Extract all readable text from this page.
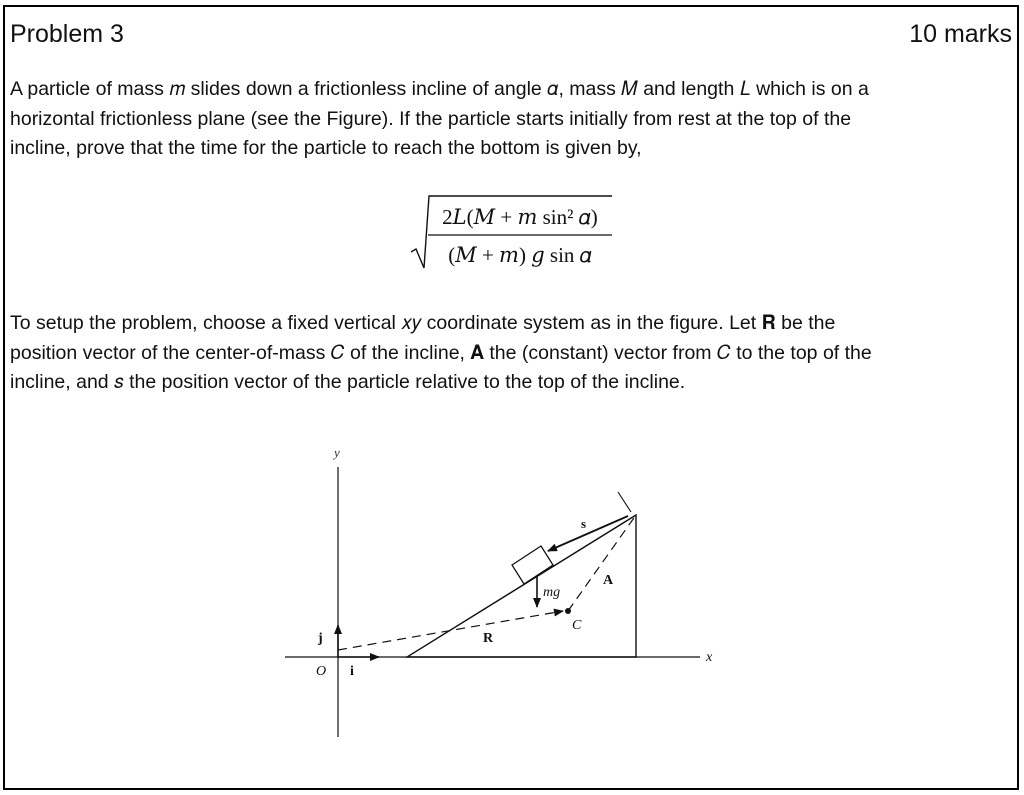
Problem 3	10 marks
A particle of mass 𝑚 slides down a frictionless incline of angle 𝛼, mass 𝑀 and length 𝐿 which is on a
horizontal frictionless plane (see the Figure). If the particle starts initially from rest at the top of the
incline, prove that the time for the particle to reach the bottom is given by,
2𝐿(𝑀 + 𝑚 sin² 𝛼)
(𝑀 + 𝑚) 𝑔 sin 𝛼
To setup the problem, choose a fixed vertical 𝑥𝑦 coordinate system as in the figure. Let 𝐑 be the
position vector of the center-of-mass 𝐶 of the incline, 𝐀 the (constant) vector from 𝐶 to the top of the
incline, and 𝑠 the position vector of the particle relative to the top of the incline.
y
x
O i
j	R
A
s
C
mg
